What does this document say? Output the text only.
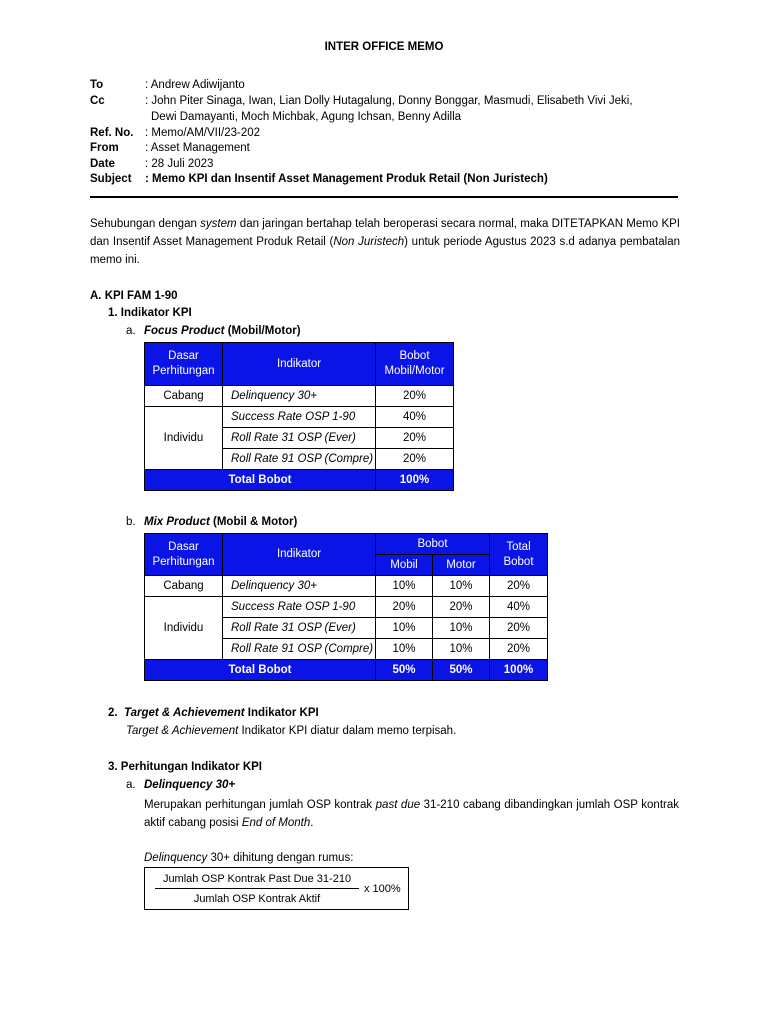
INTER OFFICE MEMO
To	: Andrew Adiwijanto
Cc	: John Piter Sinaga, Iwan, Lian Dolly Hutagalung, Donny Bonggar, Masmudi, Elisabeth Vivi Jeki,
Dewi Damayanti, Moch Michbak, Agung Ichsan, Benny Adilla
Ref. No. : Memo/AM/VII/23-202
From : Asset Management
Date	: 28 Juli 2023
Subject : Memo KPI dan Insentif Asset Management Produk Retail (Non Juristech)
Sehubungan dengan system dan jaringan bertahap telah beroperasi secara normal, maka DITETAPKAN Memo KPI dan Insentif Asset Management Produk Retail (Non Juristech) untuk periode Agustus 2023 s.d adanya pembatalan memo ini.
A. KPI FAM 1-90
1. Indikator KPI
a. Focus Product (Mobil/Motor)
Dasar
Perhitungan	Indikator	Bobot
Mobil/Motor
Cabang	Delinquency 30+	20%
Individu	Success Rate OSP 1-90	40%
	Roll Rate 31 OSP (Ever)	20%
	Roll Rate 91 OSP (Compre)	20%
Total Bobot		100%
b. Mix Product (Mobil & Motor)
Dasar
Perhitungan	Indikator	Bobot		Total
Bobot
		Mobil	Motor	
Cabang	Delinquency 30+	10%	10%	20%
Individu	Success Rate OSP 1-90	20%	20%	40%
	Roll Rate 31 OSP (Ever)	10%	10%	20%
	Roll Rate 91 OSP (Compre)	10%	10%	20%
Total Bobot		50%	50%	100%
2. Target & Achievement Indikator KPI
Target & Achievement Indikator KPI diatur dalam memo terpisah.
3. Perhitungan Indikator KPI
a. Delinquency 30+
Merupakan perhitungan jumlah OSP kontrak past due 31-210 cabang dibandingkan jumlah OSP kontrak aktif cabang posisi End of Month.
Delinquency 30+ dihitung dengan rumus:
Jumlah OSP Kontrak Past Due 31-210
Jumlah OSP Kontrak Aktif
x 100%
